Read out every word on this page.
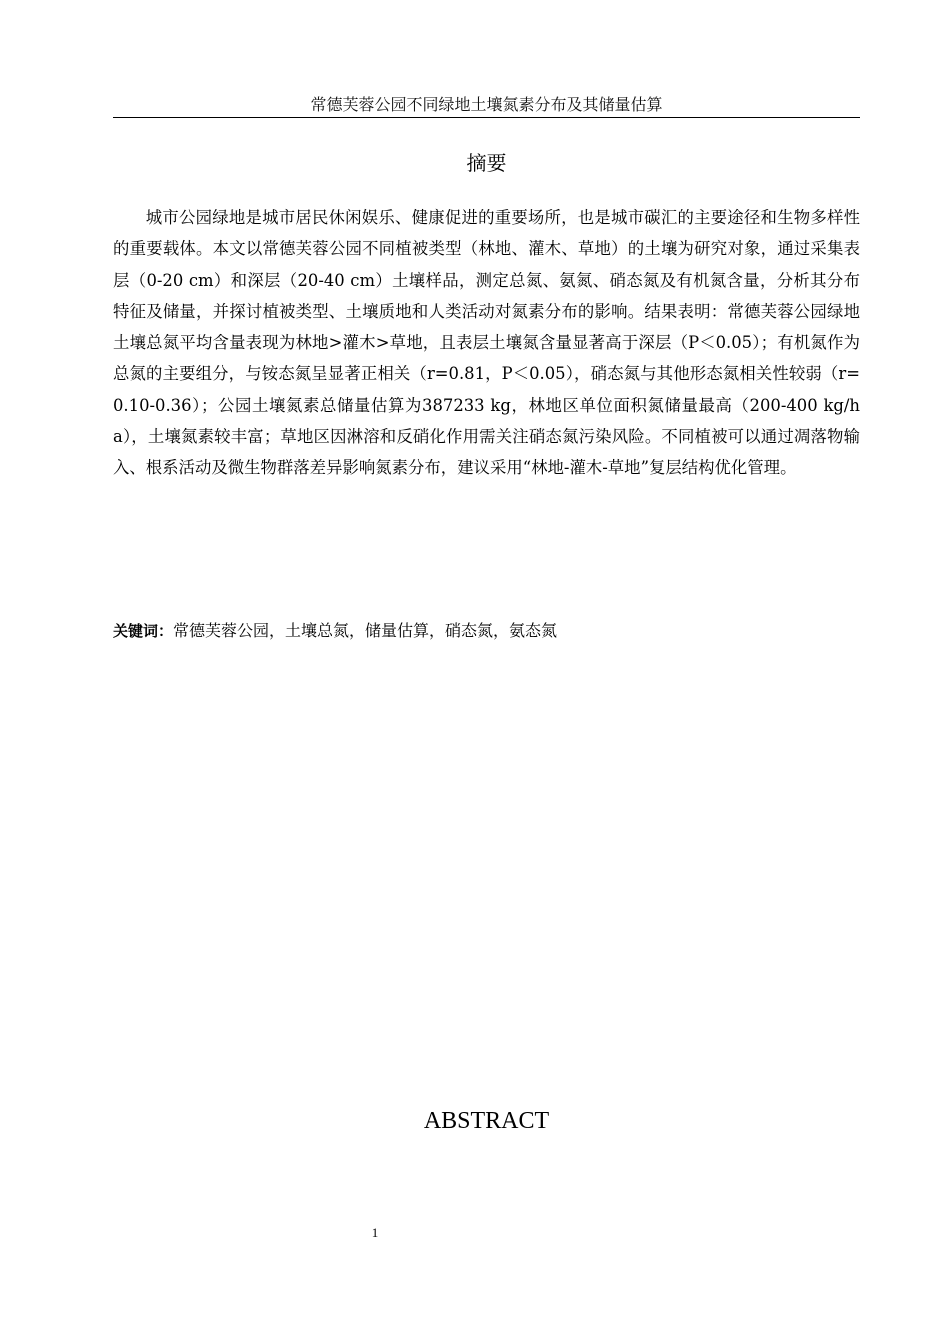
常德芙蓉公园不同绿地土壤氮素分布及其储量估算
摘要

城市公园绿地是城市居民休闲娱乐、健康促进的重要场所，也是城市碳汇的主要途径和生物多样性的重要载体。本文以常德芙蓉公园不同植被类型（林地、灌木、草地）的土壤为研究对象，通过采集表层（0-20 cm）和深层（20-40 cm）土壤样品，测定总氮、氨氮、硝态氮及有机氮含量，分析其分布特征及储量，并探讨植被类型、土壤质地和人类活动对氮素分布的影响。结果表明：常德芙蓉公园绿地土壤总氮平均含量表现为林地>灌木>草地，且表层土壤氮含量显著高于深层（P＜0.05）；有机氮作为总氮的主要组分，与铵态氮呈显著正相关（r=0.81，P＜0.05），硝态氮与其他形态氮相关性较弱（r=0.10-0.36）；公园土壤氮素总储量估算为387233 kg，林地区单位面积氮储量最高（200-400 kg/ha），土壤氮素较丰富；草地区因淋溶和反硝化作用需关注硝态氮污染风险。不同植被可以通过凋落物输入、根系活动及微生物群落差异影响氮素分布，建议采用“林地-灌木-草地”复层结构优化管理。

关键词：常德芙蓉公园，土壤总氮，储量估算，硝态氮，氨态氮
ABSTRACT
1
